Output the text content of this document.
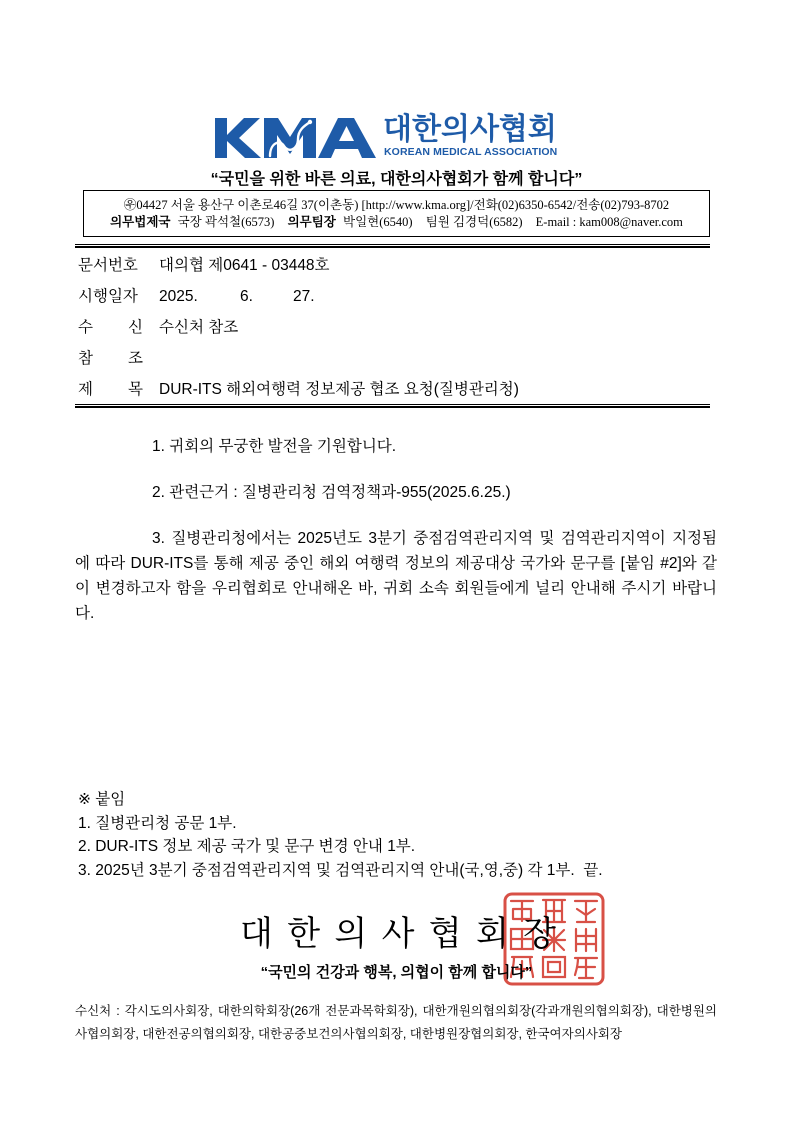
대한의사협회
KOREAN MEDICAL ASSOCIATION
“국민을 위한 바른 의료, 대한의사협회가 함께 합니다”
㉾04427 서울 용산구 이촌로46길 37(이촌동) [http://www.kma.org]/전화(02)6350-6542/전송(02)793-8702
의무법제국 국장 곽석철(6573) 의무팀장 박일현(6540) 팀원 김경덕(6582) E-mail : kam008@naver.com
문서번호 대의협 제0641 - 03448호
시행일자 2025.	6.	27.
수 신 수신처 참조
참 조
제 목 DUR-ITS 해외여행력 정보제공 협조 요청(질병관리청)

1. 귀회의 무궁한 발전을 기원합니다.

2. 관련근거 : 질병관리청 검역정책과-955(2025.6.25.)

3. 질병관리청에서는 2025년도 3분기 중점검역관리지역 및 검역관리지역이 지정됨에 따라 DUR-ITS를 통해 제공 중인 해외 여행력 정보의 제공대상 국가와 문구를 [붙임 #2]와 같이 변경하고자 함을 우리협회로 안내해온 바, 귀회 소속 회원들에게 널리 안내해 주시기 바랍니다.

※ 붙임
1. 질병관리청 공문 1부.
2. DUR-ITS 정보 제공 국가 및 문구 변경 안내 1부.
3. 2025년 3분기 중점검역관리지역 및 검역관리지역 안내(국,영,중) 각 1부.  끝.
대 한 의 사 협 회 장
“국민의 건강과 행복, 의협이 함께 합니다”
수신처 : 각시도의사회장, 대한의학회장(26개 전문과목학회장), 대한개원의협의회장(각과개원의협의회장), 대한병원의사협의회장, 대한전공의협의회장, 대한공중보건의사협의회장, 대한병원장협의회장, 한국여자의사회장
